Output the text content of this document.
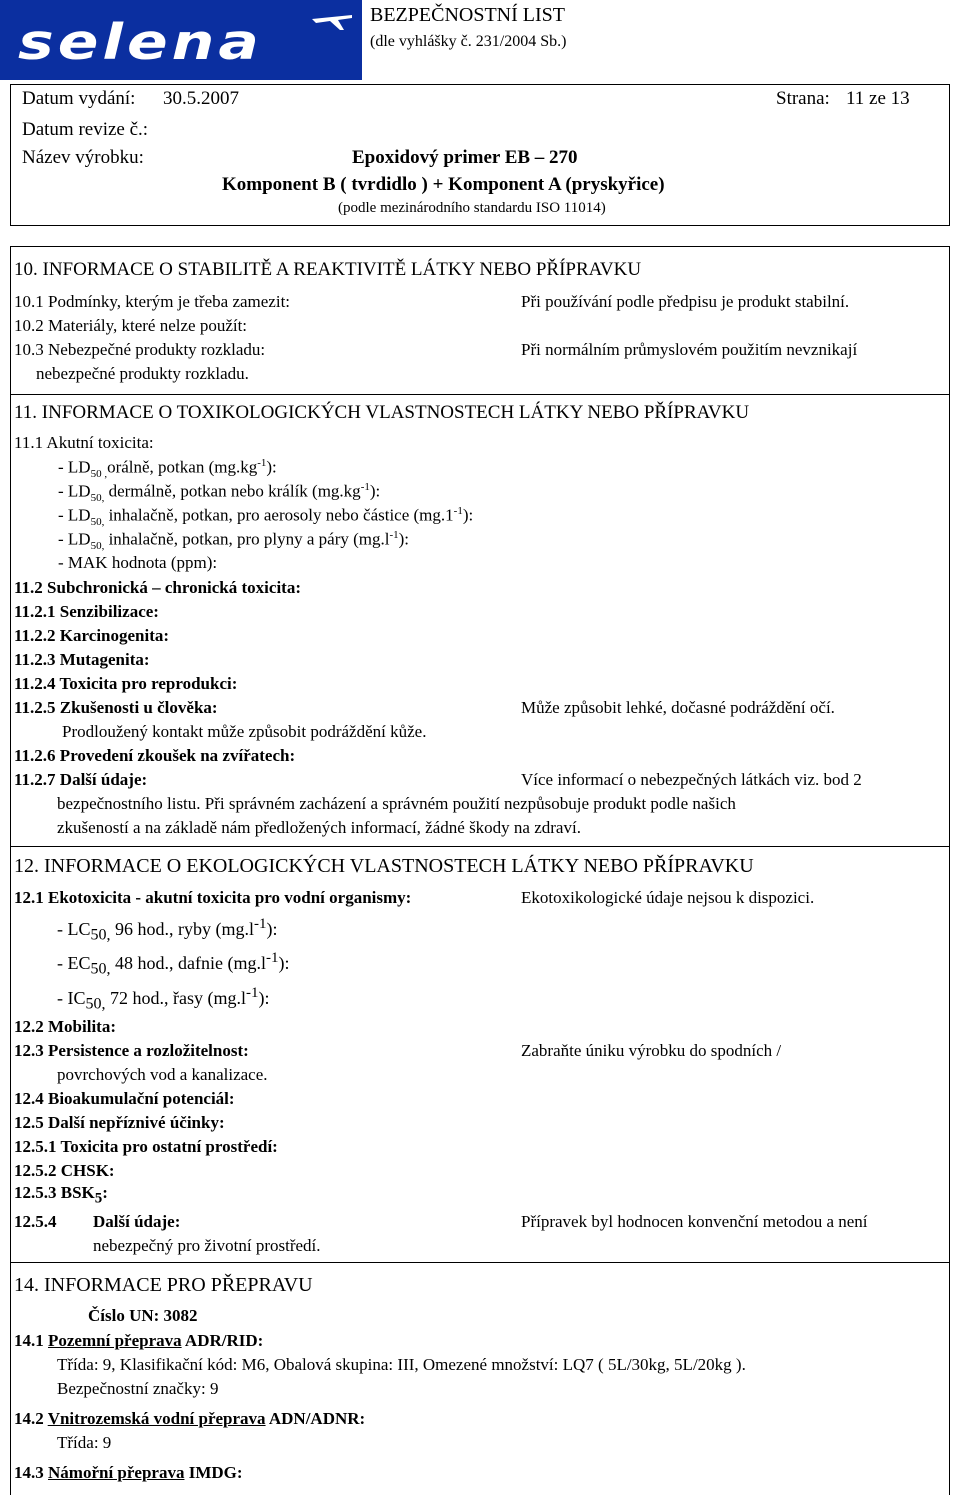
selena	BEZPEČNOSTNÍ LIST
(dle vyhlášky č. 231/2004 Sb.)
Datum vydání: 30.5.2007	Strana: 11 ze 13
Datum revize č.:
Název výrobku:	Epoxidový primer EB – 270
Komponent B ( tvrdidlo ) + Komponent A (pryskyřice)
(podle mezinárodního standardu ISO 11014)
10. INFORMACE O STABILITĚ A REAKTIVITĚ LÁTKY NEBO PŘÍPRAVKU
10.1 Podmínky, kterým je třeba zamezit:	Při používání podle předpisu je produkt stabilní.
10.2 Materiály, které nelze použít:
10.3 Nebezpečné produkty rozkladu:	Při normálním průmyslovém použitím nevznikají
nebezpečné produkty rozkladu.
11. INFORMACE O TOXIKOLOGICKÝCH VLASTNOSTECH LÁTKY NEBO PŘÍPRAVKU
11.1 Akutní toxicita:
- $LD_{50 ,}orá\ln ě$, potkan $(mg.kg^{-1})$:
- $LD_{50,}$ dermálně, potkan nebo králík $(mg.kg^{-1})$:
- $LD_{50,}$ inhalačně, potkan, pro aerosoly nebo částice $(mg.1^{-1})$:
- $LD_{50,}$ inhalačně, potkan, pro plyny a páry $(mg.l^{-1})$:
- MAK hodnota (ppm):
11.2 Subchronická – chronická toxicita:
11.2.1 Senzibilizace:
11.2.2 Karcinogenita:
11.2.3 Mutagenita:
11.2.4 Toxicita pro reprodukci:
11.2.5 Zkušenosti u člověka:	Může způsobit lehké, dočasné podráždění očí.
Prodloužený kontakt může způsobit podráždění kůže.
11.2.6 Provedení zkoušek na zvířatech:
11.2.7 Další údaje:	Více informací o nebezpečných látkách viz. bod 2
bezpečnostního listu. Při správném zacházení a správném použití nezpůsobuje produkt podle našich
zkušeností a na základě nám předložených informací, žádné škody na zdraví.
12. INFORMACE O EKOLOGICKÝCH VLASTNOSTECH LÁTKY NEBO PŘÍPRAVKU
12.1 Ekotoxicita - akutní toxicita pro vodní organismy:	Ekotoxikologické údaje nejsou k dispozici.
- $LC_{50,}$ 96 hod., ryby $(mg.l^{-1})$:
- $EC_{50,}$ 48 hod., dafnie $(mg.l^{-1})$:
- $IC_{50,}$ 72 hod., řasy $(mg.l^{-1})$:
12.2 Mobilita:
12.3 Persistence a rozložitelnost:	Zabraňte úniku výrobku do spodních /
povrchových vod a kanalizace.
12.4 Bioakumulační potenciál:
12.5 Další nepříznivé účinky:
12.5.1 Toxicita pro ostatní prostředí:
12.5.2 CHSK:
12.5.3 $BSK_5$:
12.5.4 Další údaje:	Přípravek byl hodnocen konvenční metodou a není
nebezpečný pro životní prostředí.
14. INFORMACE PRO PŘEPRAVU
Číslo UN: 3082
14.1 Pozemní přeprava ADR/RID:
Třída: 9, Klasifikační kód: M6, Obalová skupina: III, Omezené množství: LQ7 ( 5L/30kg, 5L/20kg ).
Bezpečnostní značky: 9
14.2 Vnitrozemská vodní přeprava ADN/ADNR:
Třída: 9
14.3 Námořní přeprava IMDG:
